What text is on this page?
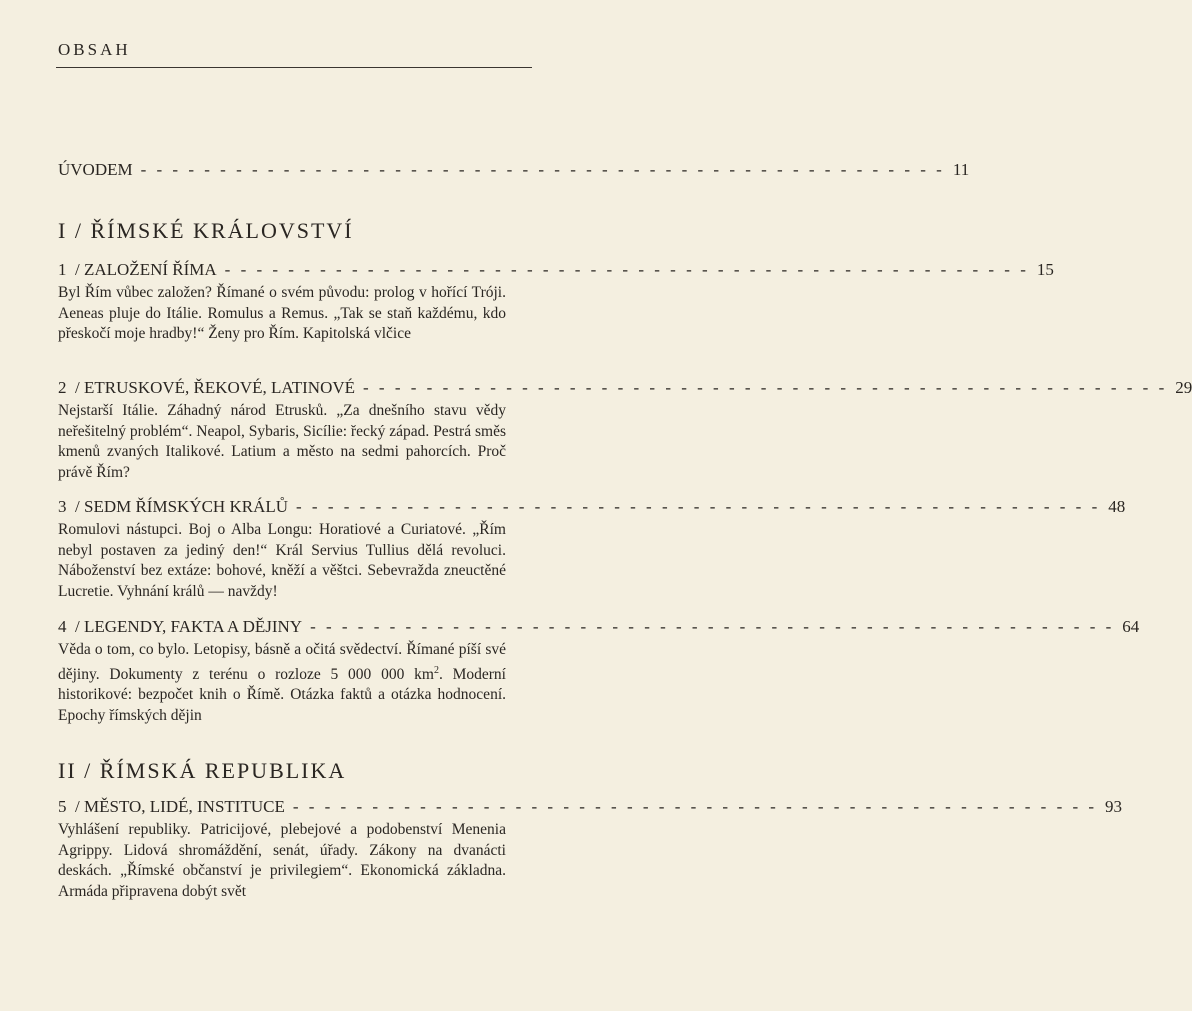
OBSAH
ÚVODEM - - - - - - - - - - - - - - - - - - - - - - - - - - - - - - - - - - - - - - - - - - - - - - - - - - - 11
I / ŘÍMSKÉ KRÁLOVSTVÍ
1  / ZALOŽENÍ ŘÍMA - - - - - - - - - - - - - - - - - - - - - - - - - - - - - - - - - - - - - - - - - - - - - - - - - - - 15
Byl Řím vůbec založen? Římané o svém původu: prolog v hořící Tróji. Aeneas pluje do Itálie. Romulus a Remus. „Tak se staň každému, kdo přeskočí moje hradby!“ Ženy pro Řím. Kapitolská vlčice
2  / ETRUSKOVÉ, ŘEKOVÉ, LATINOVÉ - - - - - - - - - - - - - - - - - - - - - - - - - - - - - - - - - - - - - - - - - - - - - - - - - - - 29
Nejstarší Itálie. Záhadný národ Etrusků. „Za dnešního stavu vědy neřešitelný problém“. Neapol, Sybaris, Sicílie: řecký západ. Pestrá směs kmenů zvaných Italikové. Latium a město na sedmi pahorcích. Proč právě Řím?
3  / SEDM ŘÍMSKÝCH KRÁLŮ - - - - - - - - - - - - - - - - - - - - - - - - - - - - - - - - - - - - - - - - - - - - - - - - - - - 48
Romulovi nástupci. Boj o Alba Longu: Horatiové a Curiatové. „Řím nebyl postaven za jediný den!“ Král Servius Tullius dělá revoluci. Náboženství bez extáze: bohové, kněží a věštci. Sebevražda zneuctěné Lucretie. Vyhnání králů — navždy!
4  / LEGENDY, FAKTA A DĚJINY - - - - - - - - - - - - - - - - - - - - - - - - - - - - - - - - - - - - - - - - - - - - - - - - - - - 64
Věda o tom, co bylo. Letopisy, básně a očitá svědectví. Římané píší své dějiny. Dokumenty z terénu o rozloze 5 000 000 $km^2$. Moderní historikové: bezpočet knih o Římě. Otázka faktů a otázka hodnocení. Epochy římských dějin
II / ŘÍMSKÁ REPUBLIKA
5  / MĚSTO, LIDÉ, INSTITUCE - - - - - - - - - - - - - - - - - - - - - - - - - - - - - - - - - - - - - - - - - - - - - - - - - - - 93
Vyhlášení republiky. Patricijové, plebejové a podobenství Menenia Agrippy. Lidová shromáždění, senát, úřady. Zákony na dvanácti deskách. „Římské občanství je privilegiem“. Ekonomická základna. Armáda připravena dobýt svět
